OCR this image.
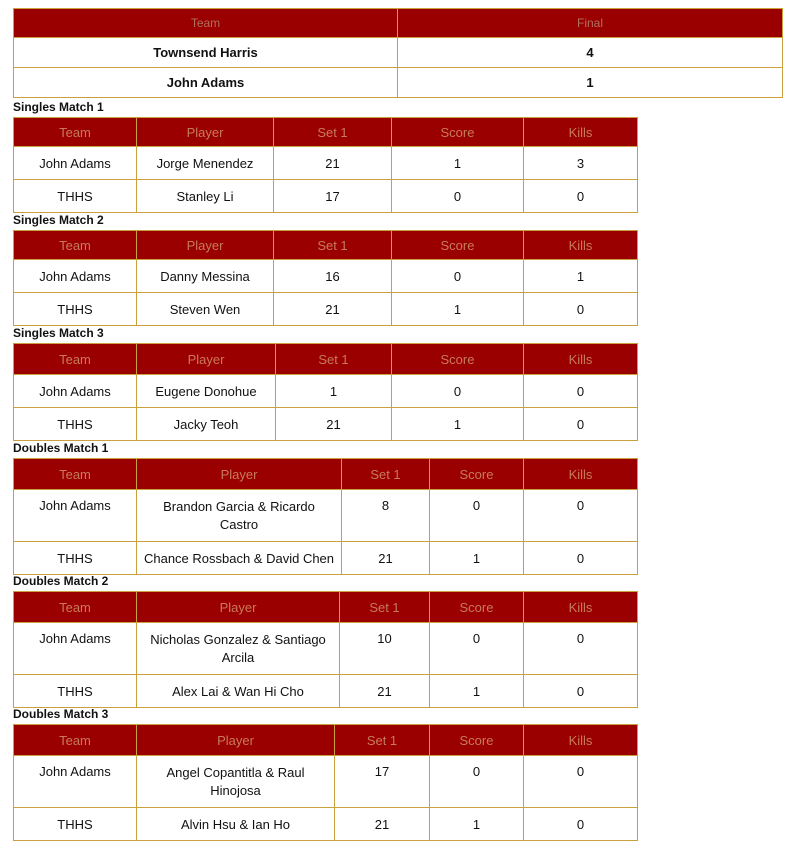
Team	Final
Townsend Harris	4
John Adams	1
Singles Match 1
Team	Player	Set 1	Score	Kills
John Adams	Jorge Menendez	21	1	3
THHS	Stanley Li	17	0	0
Singles Match 2
Team	Player	Set 1	Score	Kills
John Adams	Danny Messina	16	0	1
THHS	Steven Wen	21	1	0
Singles Match 3
Team	Player	Set 1	Score	Kills
John Adams	Eugene Donohue	1	0	0
THHS	Jacky Teoh	21	1	0
Doubles Match 1
Team	Player	Set 1	Score	Kills
John Adams	Brandon Garcia & Ricardo Castro	8	0	0
THHS	Chance Rossbach & David Chen	21	1	0
Doubles Match 2
Team	Player	Set 1	Score	Kills
John Adams	Nicholas Gonzalez & Santiago Arcila	10	0	0
THHS	Alex Lai & Wan Hi Cho	21	1	0
Doubles Match 3
Team	Player	Set 1	Score	Kills
John Adams	Angel Copantitla & Raul Hinojosa	17	0	0
THHS	Alvin Hsu & Ian Ho	21	1	0
